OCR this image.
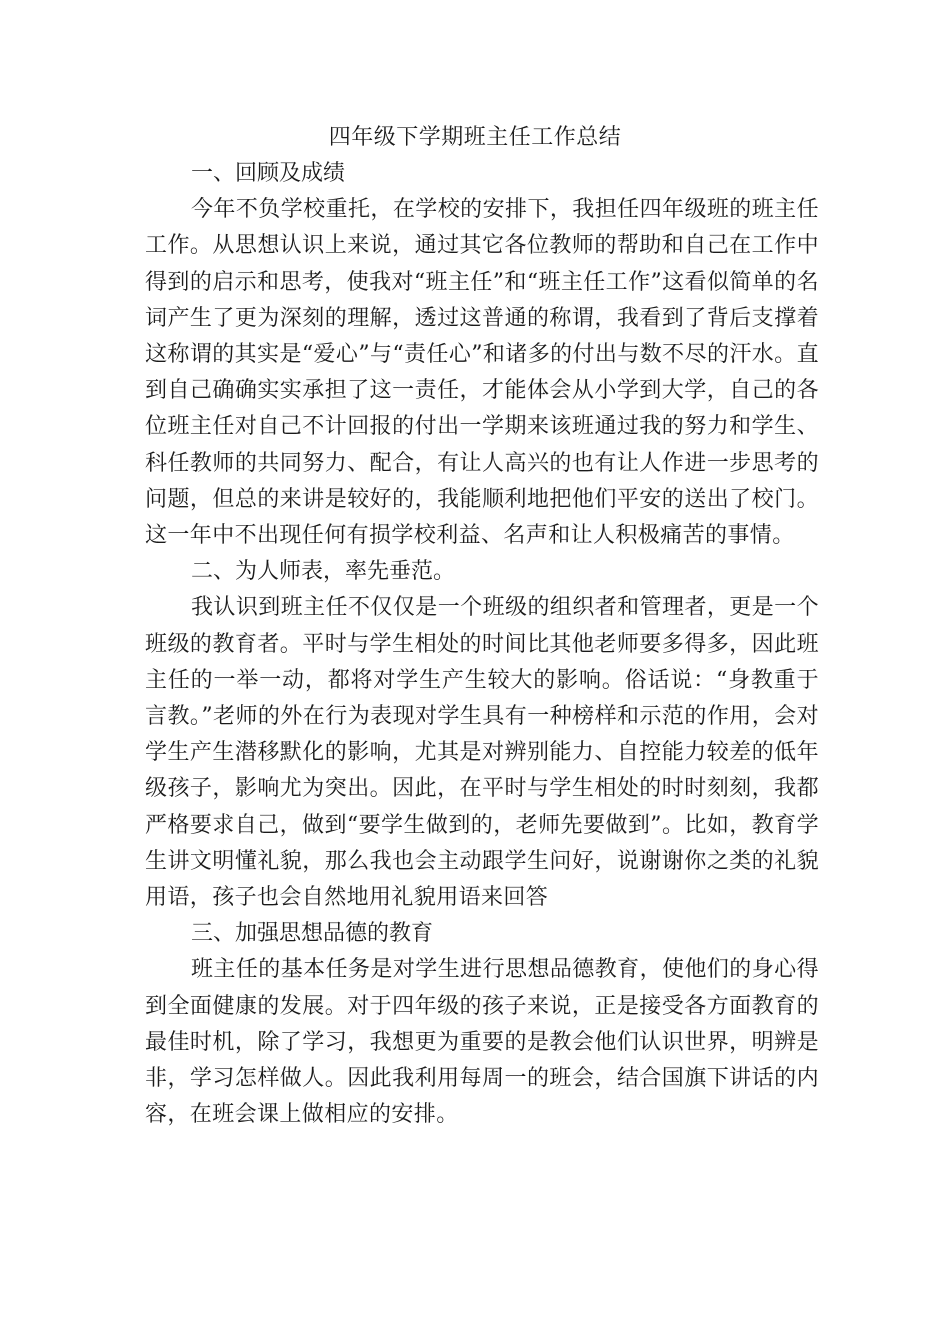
四年级下学期班主任工作总结

一、回顾及成绩

今年不负学校重托，在学校的安排下，我担任四年级班的班主任工作。从思想认识上来说，通过其它各位教师的帮助和自己在工作中得到的启示和思考，使我对“班主任”和“班主任工作”这看似简单的名词产生了更为深刻的理解，透过这普通的称谓，我看到了背后支撑着这称谓的其实是“爱心”与“责任心”和诸多的付出与数不尽的汗水。直到自己确确实实承担了这一责任，才能体会从小学到大学，自己的各位班主任对自己不计回报的付出一学期来该班通过我的努力和学生、科任教师的共同努力、配合，有让人高兴的也有让人作进一步思考的问题，但总的来讲是较好的，我能顺利地把他们平安的送出了校门。这一年中不出现任何有损学校利益、名声和让人积极痛苦的事情。

二、为人师表，率先垂范。

我认识到班主任不仅仅是一个班级的组织者和管理者，更是一个班级的教育者。平时与学生相处的时间比其他老师要多得多，因此班主任的一举一动，都将对学生产生较大的影响。俗话说：“身教重于言教。”老师的外在行为表现对学生具有一种榜样和示范的作用，会对学生产生潜移默化的影响，尤其是对辨别能力、自控能力较差的低年级孩子，影响尤为突出。因此，在平时与学生相处的时时刻刻，我都严格要求自己，做到“要学生做到的，老师先要做到”。比如，教育学生讲文明懂礼貌，那么我也会主动跟学生问好，说谢谢你之类的礼貌用语，孩子也会自然地用礼貌用语来回答

三、加强思想品德的教育

班主任的基本任务是对学生进行思想品德教育，使他们的身心得到全面健康的发展。对于四年级的孩子来说，正是接受各方面教育的最佳时机，除了学习，我想更为重要的是教会他们认识世界，明辨是非，学习怎样做人。因此我利用每周一的班会，结合国旗下讲话的内容，在班会课上做相应的安排。
